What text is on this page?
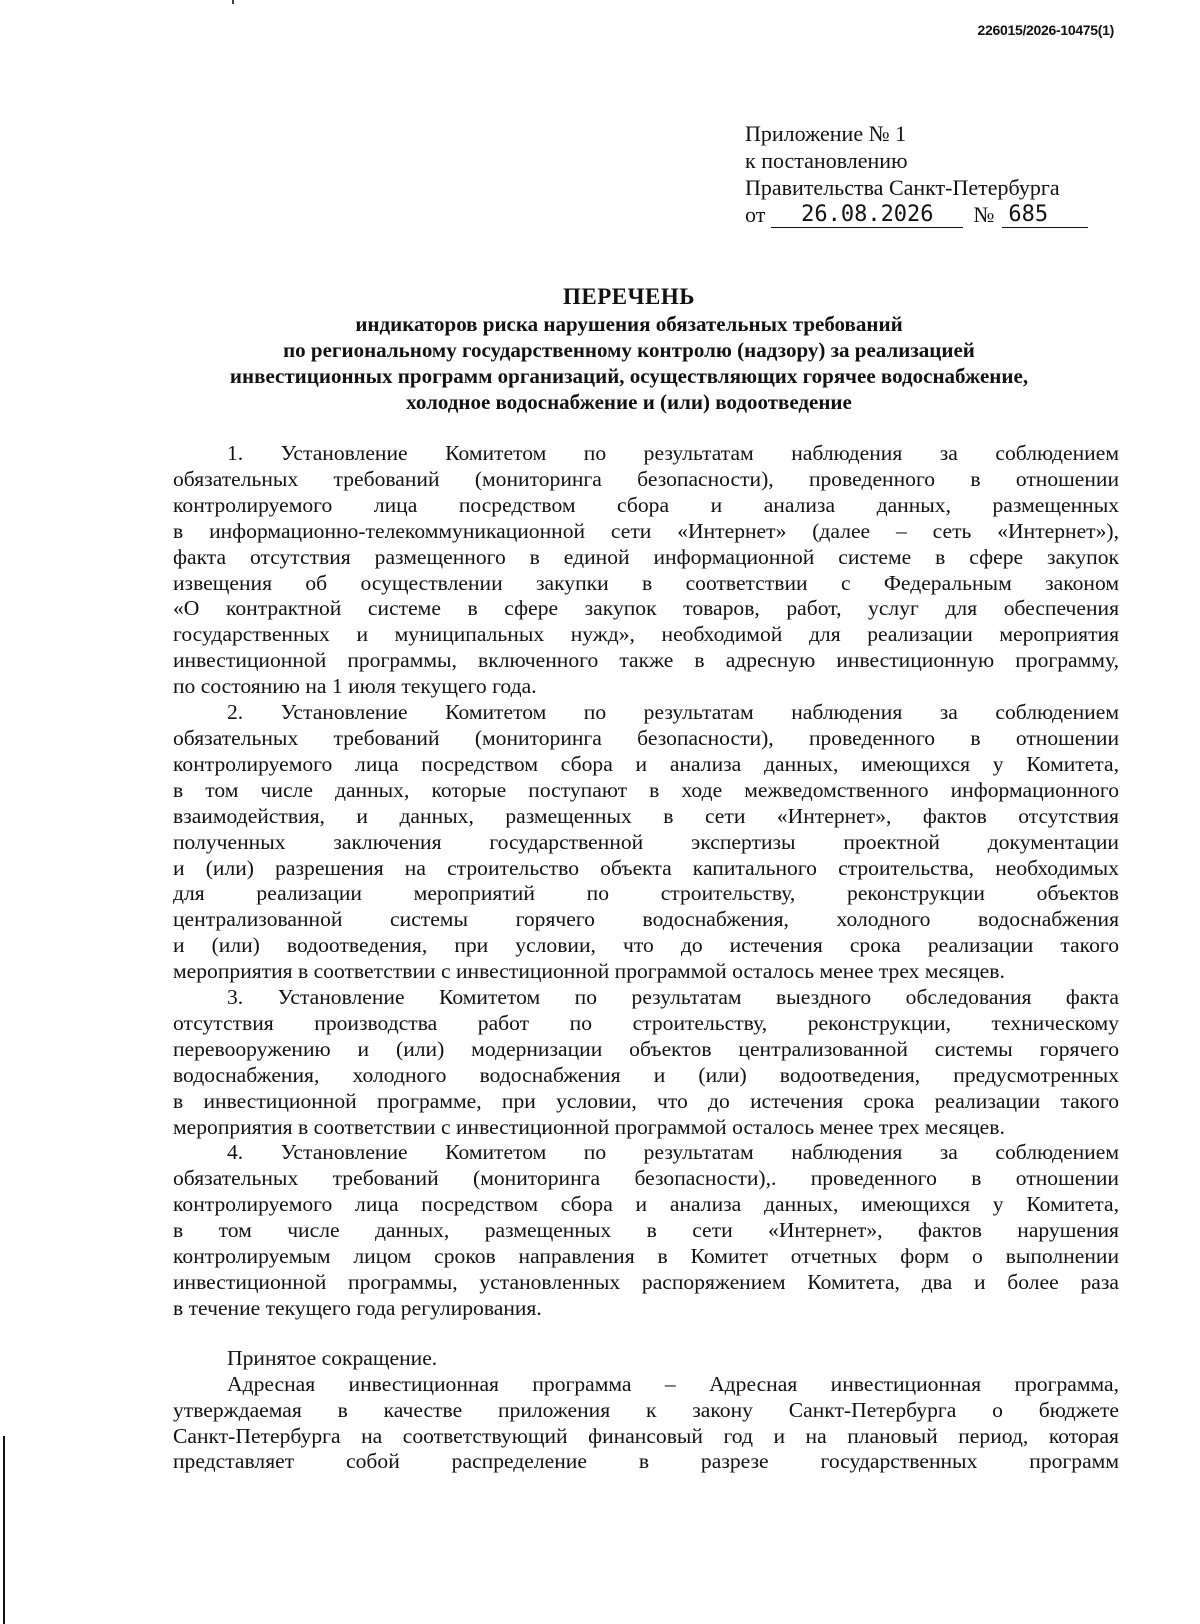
226015/2026-10475(1)
Приложение № 1
к постановлению
Правительства Санкт-Петербурга
от	26.08.2026	№ 685
ПЕРЕЧЕНЬ
индикаторов риска нарушения обязательных требований
по региональному государственному контролю (надзору) за реализацией
инвестиционных программ организаций, осуществляющих горячее водоснабжение,
холодное водоснабжение и (или) водоотведение
1. Установление Комитетом по результатам наблюдения за соблюдением
обязательных требований (мониторинга безопасности), проведенного в отношении
контролируемого лица посредством сбора и анализа данных, размещенных
в информационно-телекоммуникационной сети «Интернет» (далее – сеть «Интернет»),
факта отсутствия размещенного в единой информационной системе в сфере закупок
извещения об осуществлении закупки в соответствии с Федеральным законом
«О контрактной системе в сфере закупок товаров, работ, услуг для обеспечения
государственных и муниципальных нужд», необходимой для реализации мероприятия
инвестиционной программы, включенного также в адресную инвестиционную программу,
по состоянию на 1 июля текущего года.
2. Установление Комитетом по результатам наблюдения за соблюдением
обязательных требований (мониторинга безопасности), проведенного в отношении
контролируемого лица посредством сбора и анализа данных, имеющихся у Комитета,
в том числе данных, которые поступают в ходе межведомственного информационного
взаимодействия, и данных, размещенных в сети «Интернет», фактов отсутствия
полученных заключения государственной экспертизы проектной документации
и (или) разрешения на строительство объекта капитального строительства, необходимых
для реализации мероприятий по строительству, реконструкции объектов
централизованной системы горячего водоснабжения, холодного водоснабжения
и (или) водоотведения, при условии, что до истечения срока реализации такого
мероприятия в соответствии с инвестиционной программой осталось менее трех месяцев.
3. Установление Комитетом по результатам выездного обследования факта
отсутствия производства работ по строительству, реконструкции, техническому
перевооружению и (или) модернизации объектов централизованной системы горячего
водоснабжения, холодного водоснабжения и (или) водоотведения, предусмотренных
в инвестиционной программе, при условии, что до истечения срока реализации такого
мероприятия в соответствии с инвестиционной программой осталось менее трех месяцев.
4. Установление Комитетом по результатам наблюдения за соблюдением
обязательных требований (мониторинга безопасности),. проведенного в отношении
контролируемого лица посредством сбора и анализа данных, имеющихся у Комитета,
в том числе данных, размещенных в сети «Интернет», фактов нарушения
контролируемым лицом сроков направления в Комитет отчетных форм о выполнении
инвестиционной программы, установленных распоряжением Комитета, два и более раза
в течение текущего года регулирования.
Принятое сокращение.
Адресная инвестиционная программа – Адресная инвестиционная программа,
утверждаемая в качестве приложения к закону Санкт-Петербурга о бюджете
Санкт-Петербурга на соответствующий финансовый год и на плановый период, которая
представляет собой распределение в разрезе государственных программ
